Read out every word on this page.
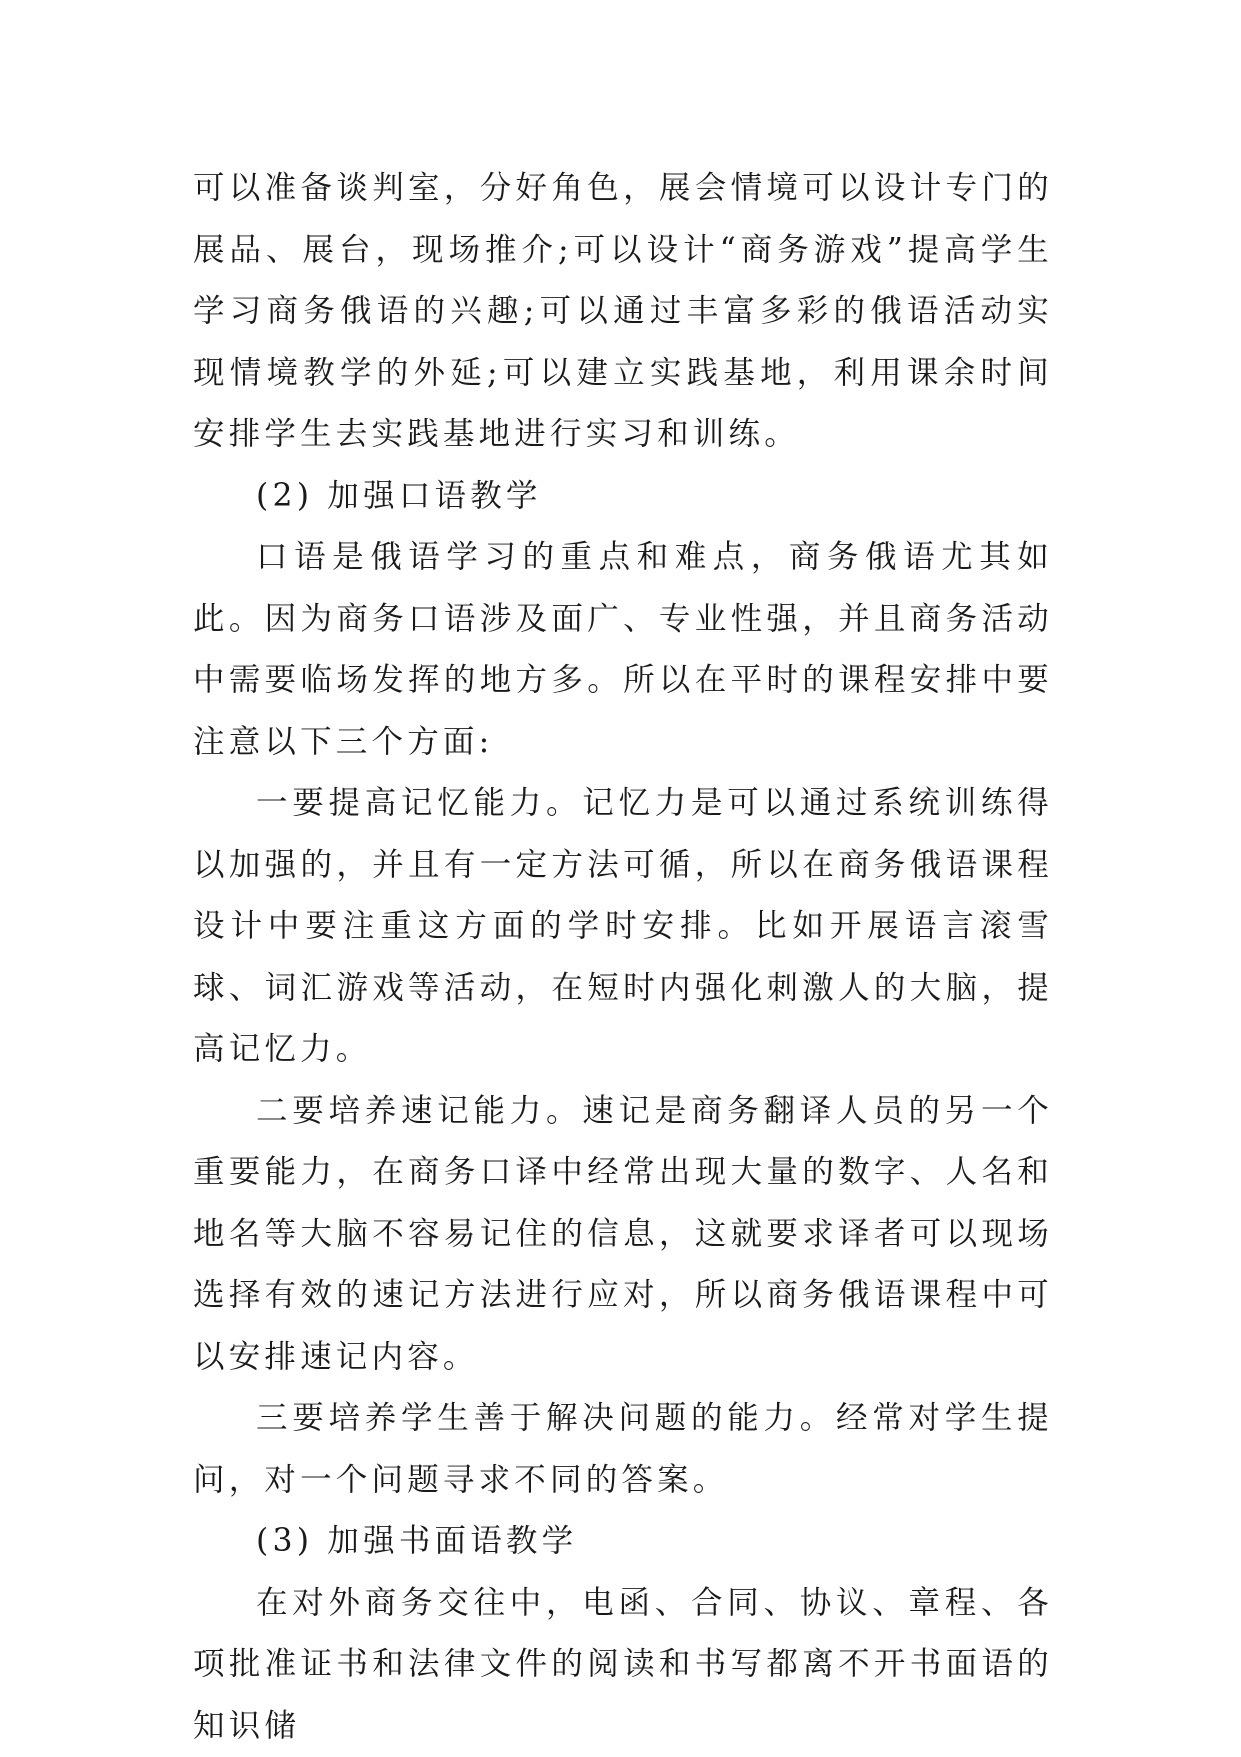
可以准备谈判室，分好角色，展会情境可以设计专门的展品、展台，现场推介;可以设计“商务游戏”提高学生学习商务俄语的兴趣;可以通过丰富多彩的俄语活动实现情境教学的外延;可以建立实践基地，利用课余时间安排学生去实践基地进行实习和训练。

(2) 加强口语教学

口语是俄语学习的重点和难点，商务俄语尤其如此。因为商务口语涉及面广、专业性强，并且商务活动中需要临场发挥的地方多。所以在平时的课程安排中要注意以下三个方面:

一要提高记忆能力。记忆力是可以通过系统训练得以加强的，并且有一定方法可循，所以在商务俄语课程设计中要注重这方面的学时安排。比如开展语言滚雪球、词汇游戏等活动，在短时内强化刺激人的大脑，提高记忆力。

二要培养速记能力。速记是商务翻译人员的另一个重要能力，在商务口译中经常出现大量的数字、人名和地名等大脑不容易记住的信息，这就要求译者可以现场选择有效的速记方法进行应对，所以商务俄语课程中可以安排速记内容。

三要培养学生善于解决问题的能力。经常对学生提问，对一个问题寻求不同的答案。

(3) 加强书面语教学

在对外商务交往中，电函、合同、协议、章程、各项批准证书和法律文件的阅读和书写都离不开书面语的知识储
